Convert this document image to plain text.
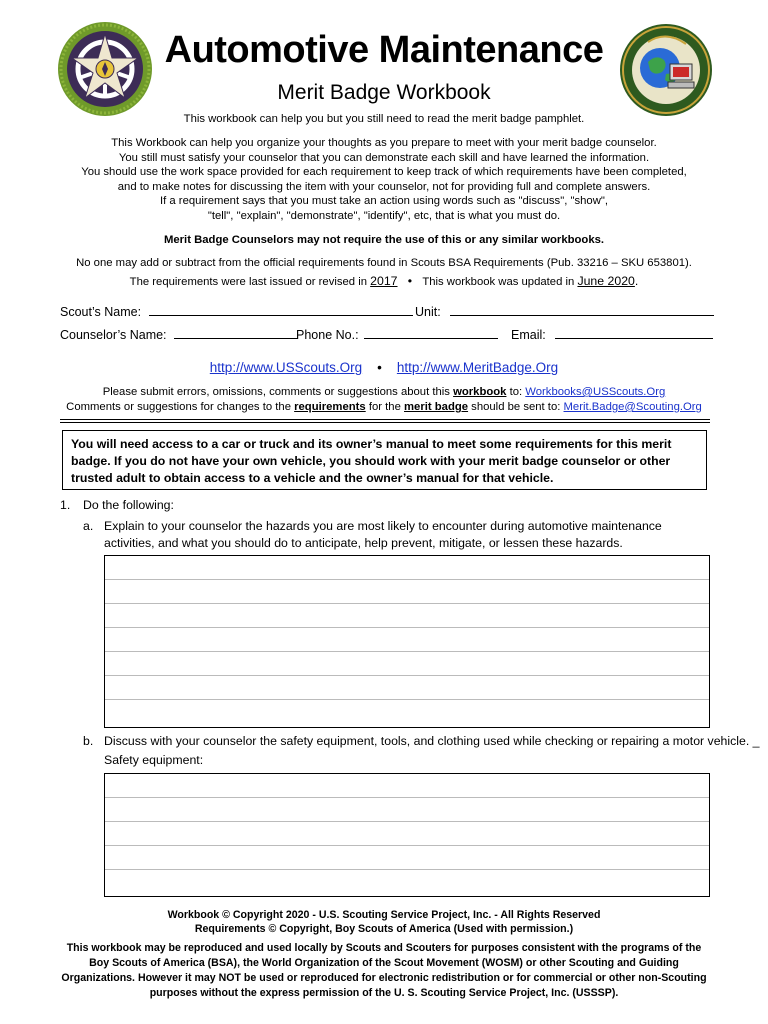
Automotive Maintenance
Merit Badge Workbook
This workbook can help you but you still need to read the merit badge pamphlet.
This Workbook can help you organize your thoughts as you prepare to meet with your merit badge counselor.
You still must satisfy your counselor that you can demonstrate each skill and have learned the information.
You should use the work space provided for each requirement to keep track of which requirements have been completed,
and to make notes for discussing the item with your counselor, not for providing full and complete answers.
If a requirement says that you must take an action using words such as "discuss", "show",
"tell", "explain", "demonstrate", "identify", etc, that is what you must do.
Merit Badge Counselors may not require the use of this or any similar workbooks.
No one may add or subtract from the official requirements found in Scouts BSA Requirements (Pub. 33216 – SKU 653801).
The requirements were last issued or revised in 2017 • This workbook was updated in June 2020.
Scout’s Name:	Unit:
Counselor’s Name:	Phone No.:	Email:
http://www.USScouts.Org • http://www.MeritBadge.Org
Please submit errors, omissions, comments or suggestions about this workbook to: Workbooks@USScouts.Org
Comments or suggestions for changes to the requirements for the merit badge should be sent to: Merit.Badge@Scouting.Org
You will need access to a car or truck and its owner’s manual to meet some requirements for this merit badge. If you do not have your own vehicle, you should work with your merit badge counselor or other trusted adult to obtain access to a vehicle and the owner’s manual for that vehicle.
1. Do the following:
a. Explain to your counselor the hazards you are most likely to encounter during automotive maintenance activities, and what you should do to anticipate, help prevent, mitigate, or lessen these hazards.
b. Discuss with your counselor the safety equipment, tools, and clothing used while checking or repairing a motor vehicle. _
Safety equipment:
Workbook © Copyright 2020 - U.S. Scouting Service Project, Inc. - All Rights Reserved
Requirements © Copyright, Boy Scouts of America (Used with permission.)
This workbook may be reproduced and used locally by Scouts and Scouters for purposes consistent with the programs of the Boy Scouts of America (BSA), the World Organization of the Scout Movement (WOSM) or other Scouting and Guiding Organizations. However it may NOT be used or reproduced for electronic redistribution or for commercial or other non-Scouting purposes without the express permission of the U. S. Scouting Service Project, Inc. (USSSP).
